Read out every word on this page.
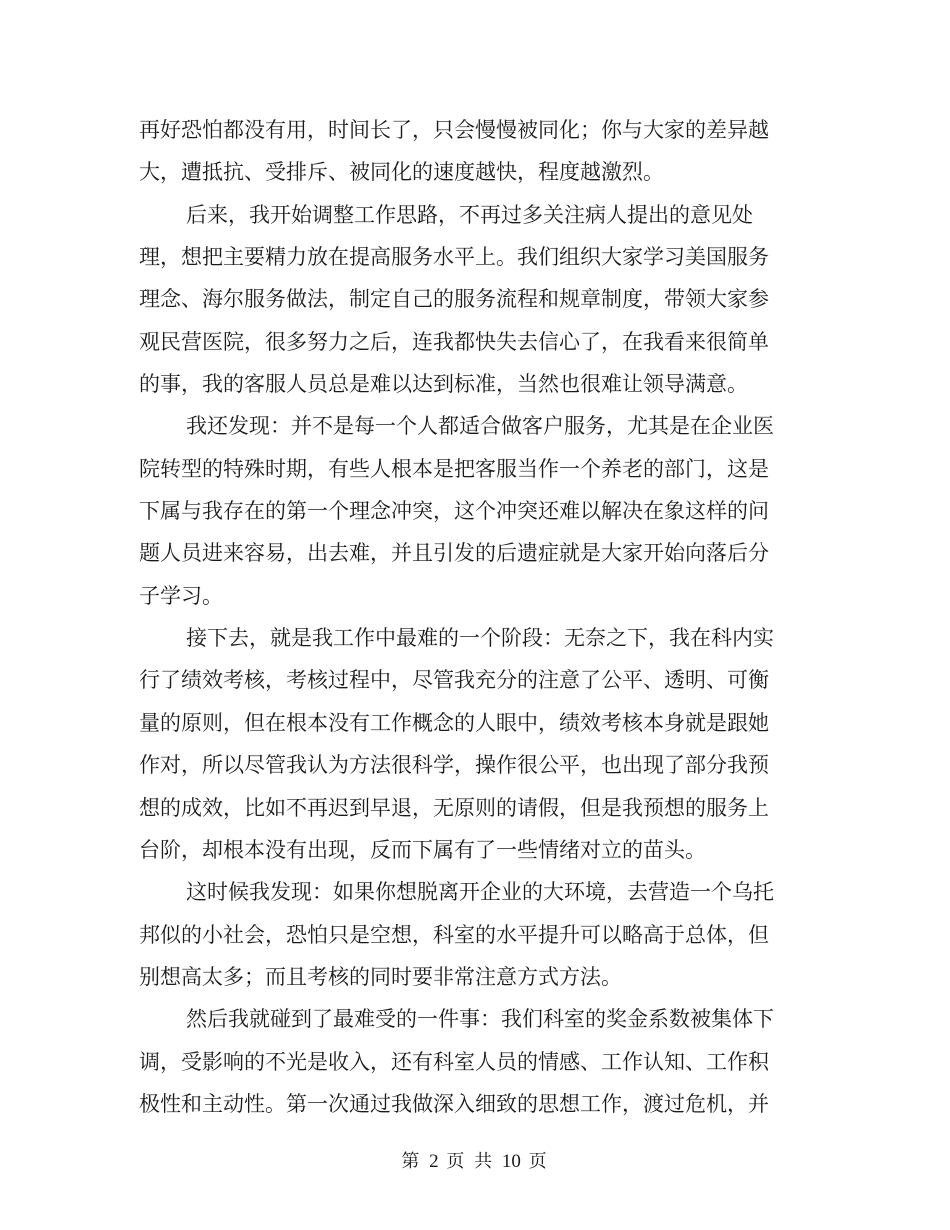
再好恐怕都没有用，时间长了，只会慢慢被同化；你与大家的差异越
大，遭抵抗、受排斥、被同化的速度越快，程度越激烈。
后来，我开始调整工作思路，不再过多关注病人提出的意见处
理，想把主要精力放在提高服务水平上。我们组织大家学习美国服务
理念、海尔服务做法，制定自己的服务流程和规章制度，带领大家参
观民营医院，很多努力之后，连我都快失去信心了，在我看来很简单
的事，我的客服人员总是难以达到标准，当然也很难让领导满意。
我还发现：并不是每一个人都适合做客户服务，尤其是在企业医
院转型的特殊时期，有些人根本是把客服当作一个养老的部门，这是
下属与我存在的第一个理念冲突，这个冲突还难以解决在象这样的问
题人员进来容易，出去难，并且引发的后遗症就是大家开始向落后分
子学习。
接下去，就是我工作中最难的一个阶段：无奈之下，我在科内实
行了绩效考核，考核过程中，尽管我充分的注意了公平、透明、可衡
量的原则，但在根本没有工作概念的人眼中，绩效考核本身就是跟她
作对，所以尽管我认为方法很科学，操作很公平，也出现了部分我预
想的成效，比如不再迟到早退，无原则的请假，但是我预想的服务上
台阶，却根本没有出现，反而下属有了一些情绪对立的苗头。
这时候我发现：如果你想脱离开企业的大环境，去营造一个乌托
邦似的小社会，恐怕只是空想，科室的水平提升可以略高于总体，但
别想高太多；而且考核的同时要非常注意方式方法。
然后我就碰到了最难受的一件事：我们科室的奖金系数被集体下
调，受影响的不光是收入，还有科室人员的情感、工作认知、工作积
极性和主动性。第一次通过我做深入细致的思想工作，渡过危机，并
第 2 页 共 10 页
